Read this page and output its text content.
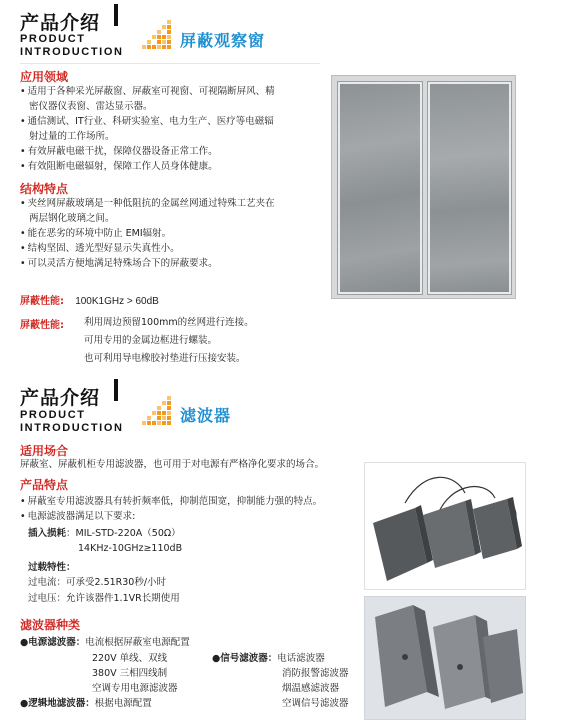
产品介绍
PRODUCT
INTRODUCTION
屏蔽观察窗
应用领域
• 适用于各种采光屏蔽窗、屏蔽室可视窗、可视隔断屏风、精
密仪器仪表窗、雷达显示器。
• 通信测试、IT行业、科研实验室、电力生产、医疗等电磁辐
射过量的工作场所。
• 有效屏蔽电磁干扰，保障仪器设备正常工作。
• 有效阻断电磁辐射，保障工作人员身体健康。
结构特点
• 夹丝网屏蔽玻璃是一种低阻抗的金属丝网通过特殊工艺夹在
两层钢化玻璃之间。
• 能在恶劣的环境中防止 EMI辐射。
• 结构坚固、透光型好显示失真性小。
• 可以灵活方便地满足特殊场合下的屏蔽要求。
屏蔽性能: 100K1GHz > 60dB
屏蔽性能: 利用周边预留100mm的丝网进行连接。
可用专用的金属边框进行螺装。
也可利用导电橡胶衬垫进行压接安装。
产品介绍
PRODUCT
INTRODUCTION
滤波器
适用场合
屏蔽室、屏蔽机柜专用滤波器，也可用于对电源有严格净化要求的场合。
产品特点
• 屏蔽室专用滤波器具有转折频率低，抑制范围宽，抑制能力强的特点。
• 电源滤波器满足以下要求:
插入损耗：MIL-STD-220A（50Ω）
14KHz-10GHz≥110dB
过载特性：
过电流：可承受2.51R30秒/小时
过电压：允许该器件1.1VR长期使用
滤波器种类
●电源滤波器：电流根据屏蔽室电源配置
220V 单线、双线
380V 三相四线制
空调专用电源滤波器
●信号滤波器：电话滤波器
消防报警滤波器
烟温感滤波器
空调信号滤波器
●逻辑地滤波器：根据电源配置
